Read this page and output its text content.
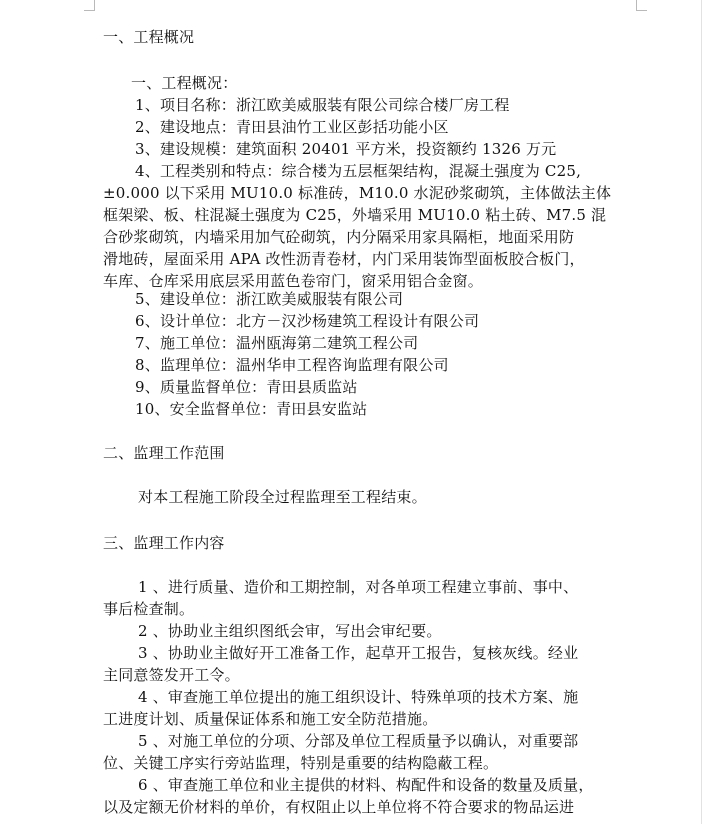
一、工程概况
一、工程概况：
1、项目名称：浙江欧美威服装有限公司综合楼厂房工程
2、建设地点：青田县油竹工业区彭括功能小区
3、建设规模：建筑面积 20401 平方米，投资额约 1326 万元
4、工程类别和特点：综合楼为五层框架结构，混凝土强度为 C25,
±0.000 以下采用 MU10.0 标准砖，M10.0 水泥砂浆砌筑，主体做法主体
框架梁、板、柱混凝土强度为 C25，外墙采用 MU10.0 粘土砖、M7.5 混
合砂浆砌筑，内墙采用加气砼砌筑，内分隔采用家具隔柜，地面采用防
滑地砖，屋面采用 APA 改性沥青卷材，内门采用装饰型面板胶合板门，
车库、仓库采用底层采用蓝色卷帘门，窗采用铝合金窗。
5、建设单位：浙江欧美威服装有限公司
6、设计单位：北方－汉沙杨建筑工程设计有限公司
7、施工单位：温州瓯海第二建筑工程公司
8、监理单位：温州华申工程咨询监理有限公司
9、质量监督单位：青田县质监站
10、安全监督单位：青田县安监站
二、监理工作范围
对本工程施工阶段全过程监理至工程结束。
三、监理工作内容
1 、进行质量、造价和工期控制，对各单项工程建立事前、事中、
事后检查制。
2 、协助业主组织图纸会审，写出会审纪要。
3 、协助业主做好开工准备工作，起草开工报告，复核灰线。经业
主同意签发开工令。
4 、审查施工单位提出的施工组织设计、特殊单项的技术方案、施
工进度计划、质量保证体系和施工安全防范措施。
5 、对施工单位的分项、分部及单位工程质量予以确认，对重要部
位、关键工序实行旁站监理，特别是重要的结构隐蔽工程。
6 、审查施工单位和业主提供的材料、构配件和设备的数量及质量，
以及定额无价材料的单价，有权阻止以上单位将不符合要求的物品运进
